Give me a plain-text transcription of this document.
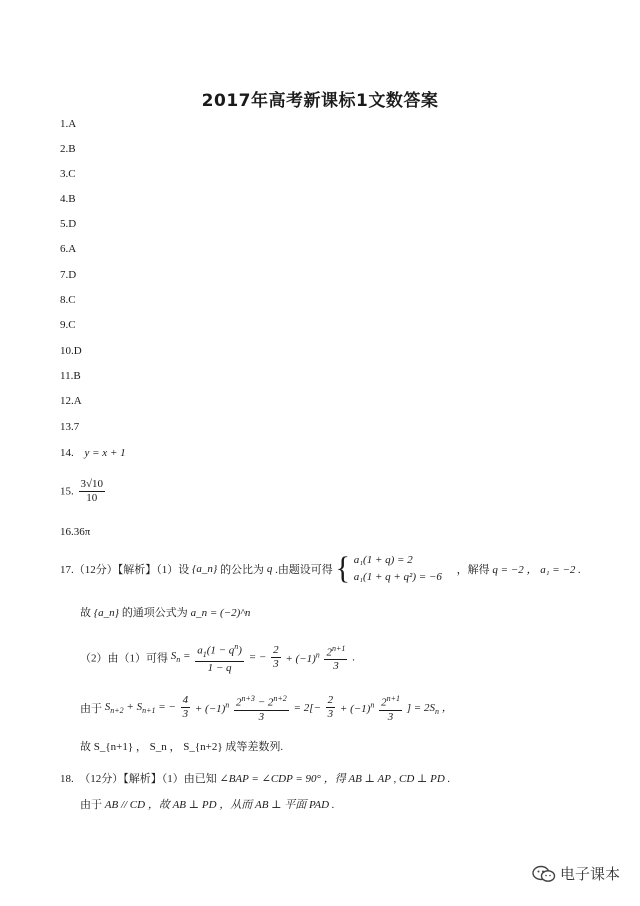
2017年高考新课标1文数答案
1.A
2.B
3.C
4.B
5.D
6.A
7.D
8.C
9.C
10.D
11.B
12.A
13.7
14. y = x + 1
15. $\frac{3√10}{10}$
16.36π
17.（12分）【解析】（1）设 {a_n} 的公比为 q .由题设可得 { a₁(1 + q) = 2
a₁(1 + q + q²) = −6
，解得 q = −2 ， a₁ = −2 .
故 {a_n} 的通项公式为 a_n = (−2)^n
（2）由（1）可得 $S_n = \frac{a_1(1 - q^n)}{1 - q}$ = − $\frac{2}{3} + (-1)^n \frac{2^{n+1}}{3}$ .
由于 $S_{n+2} + S_{n+1}$ = − $\frac{4}{3} + (-1)^n \frac{2^{n+3} - 2^{n+2}}{3} = 2[- \frac{2}{3} + (-1)^n \frac{2^{n+1}}{3}$ ] = $2S_n$ ，
故 S_{n+1} ， S_n ， S_{n+2} 成等差数列.
18.　（12分）【解析】（1）由已知 ∠BAP = ∠CDP = 90° ，得 AB ⊥ AP , CD ⊥ PD .
由于 AB // CD ，故 AB ⊥ PD ，从而 AB ⊥ 平面 PAD .
电子课本
